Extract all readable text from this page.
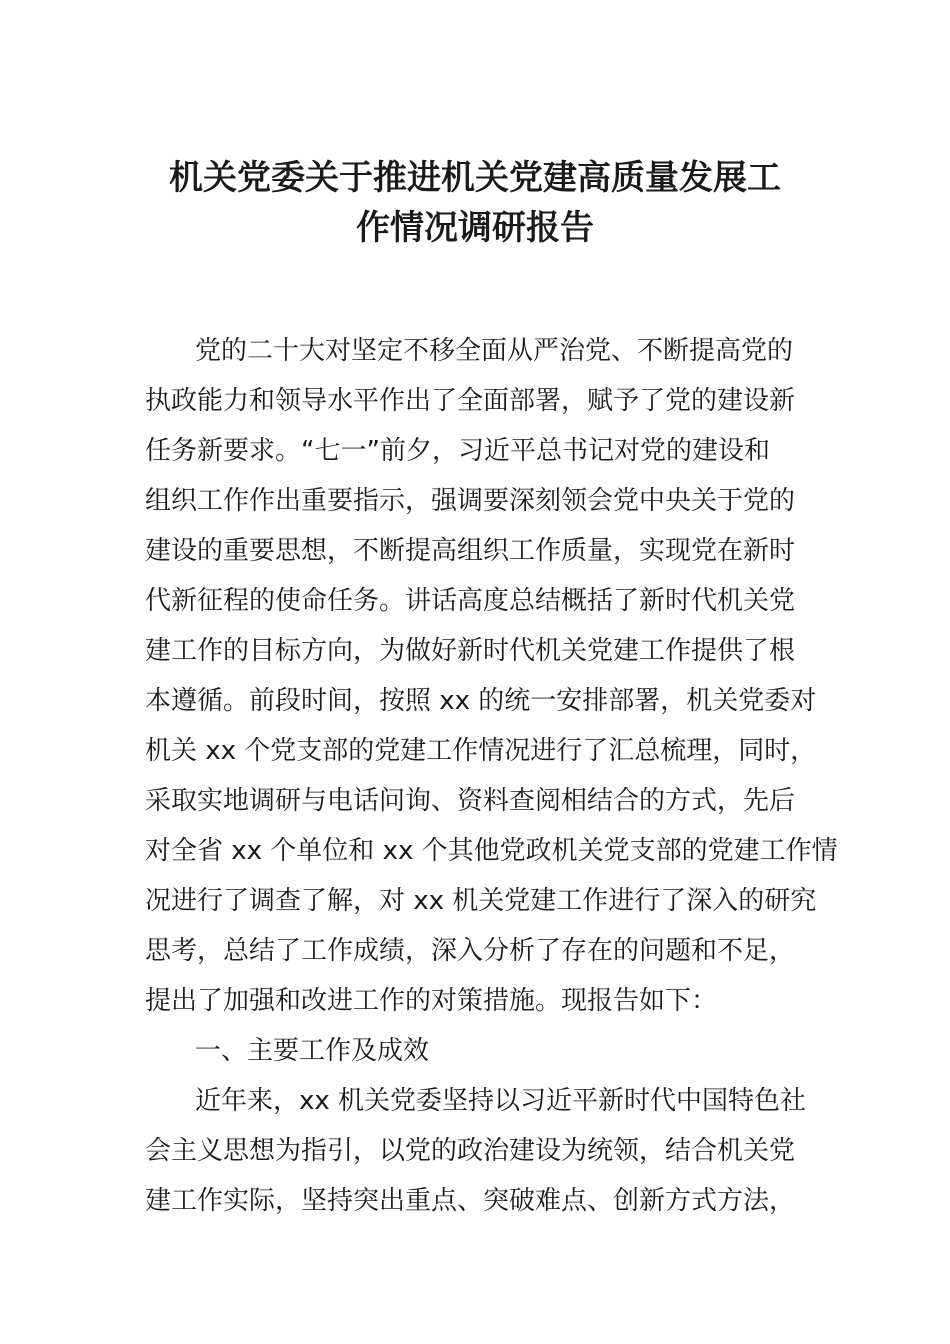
机关党委关于推进机关党建高质量发展工
作情况调研报告
党的二十大对坚定不移全面从严治党、不断提高党的
执政能力和领导水平作出了全面部署，赋予了党的建设新
任务新要求。“七一”前夕，习近平总书记对党的建设和
组织工作作出重要指示，强调要深刻领会党中央关于党的
建设的重要思想，不断提高组织工作质量，实现党在新时
代新征程的使命任务。讲话高度总结概括了新时代机关党
建工作的目标方向，为做好新时代机关党建工作提供了根
本遵循。前段时间，按照 xx 的统一安排部署，机关党委对
机关 xx 个党支部的党建工作情况进行了汇总梳理，同时，
采取实地调研与电话问询、资料查阅相结合的方式，先后
对全省 xx 个单位和 xx 个其他党政机关党支部的党建工作情
况进行了调查了解，对 xx 机关党建工作进行了深入的研究
思考，总结了工作成绩，深入分析了存在的问题和不足，
提出了加强和改进工作的对策措施。现报告如下：
一、主要工作及成效
近年来，xx 机关党委坚持以习近平新时代中国特色社
会主义思想为指引，以党的政治建设为统领，结合机关党
建工作实际，坚持突出重点、突破难点、创新方式方法，
